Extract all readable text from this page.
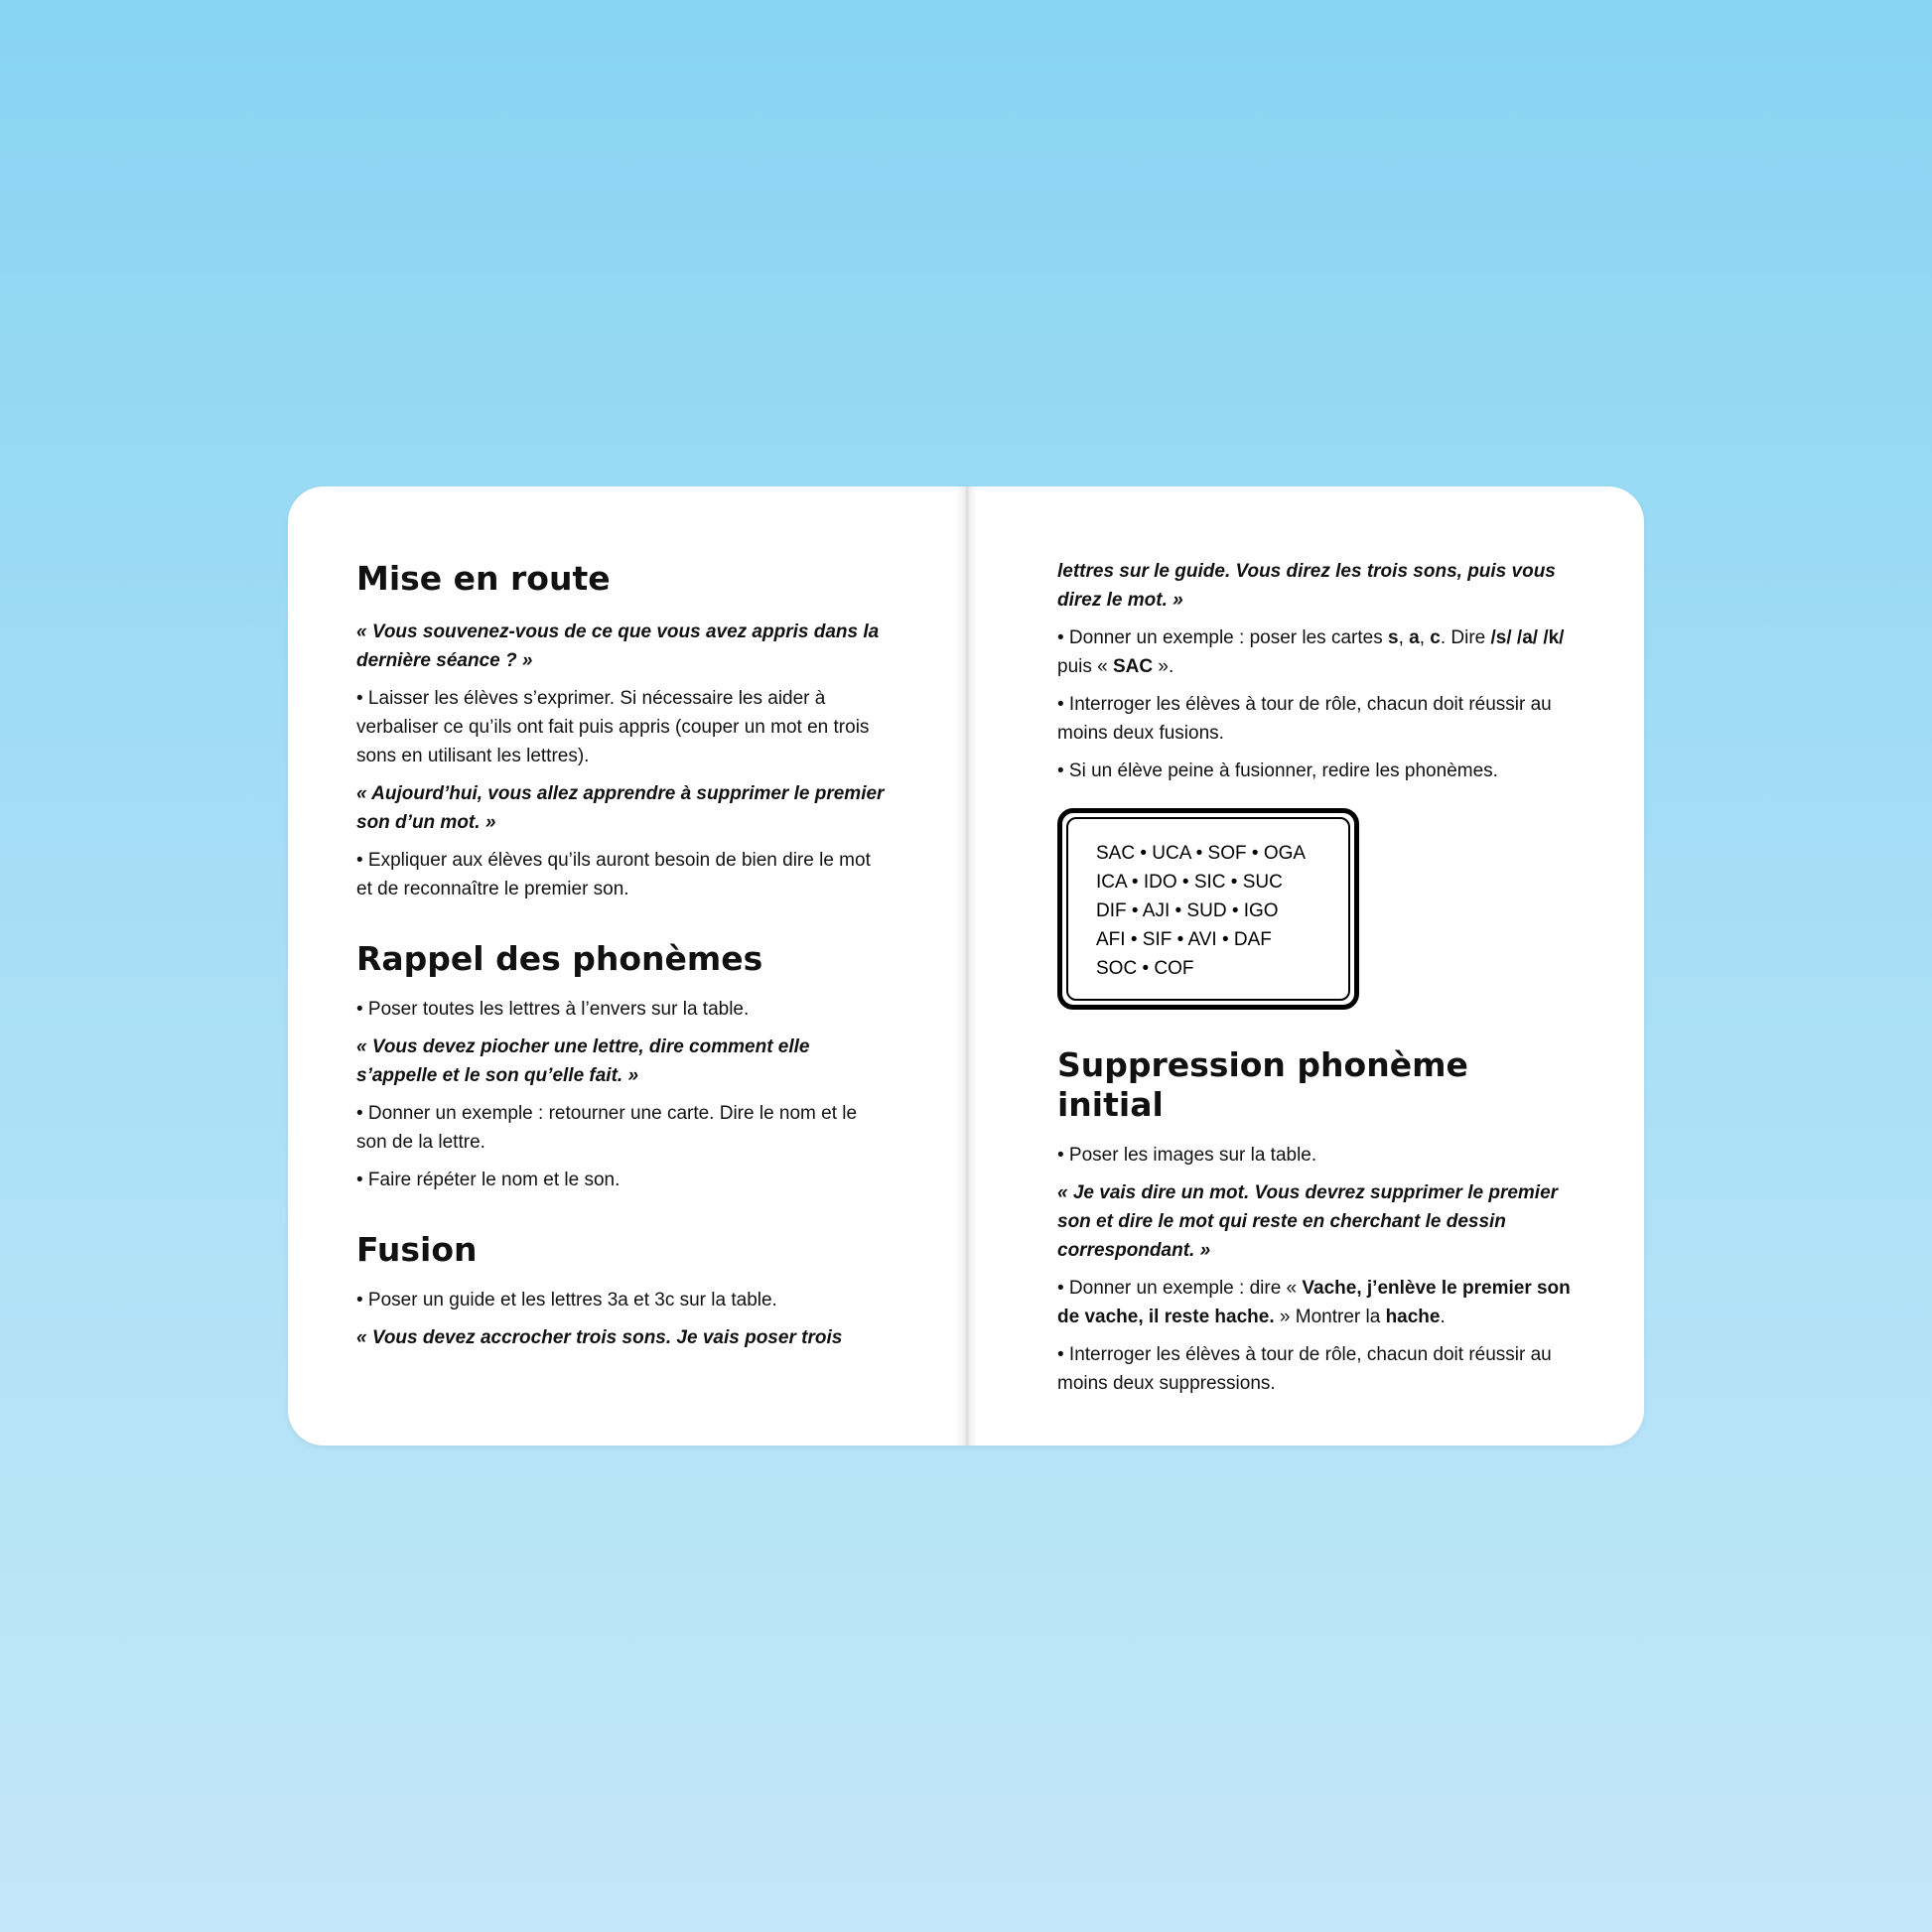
Mise en route

« Vous souvenez-vous de ce que vous avez appris dans la dernière séance ? »

• Laisser les élèves s’exprimer. Si nécessaire les aider à verbaliser ce qu’ils ont fait puis appris (couper un mot en trois sons en utilisant les lettres).

« Aujourd’hui, vous allez apprendre à supprimer le premier son d’un mot. »

• Expliquer aux élèves qu’ils auront besoin de bien dire le mot et de reconnaître le premier son.

Rappel des phonèmes

• Poser toutes les lettres à l’envers sur la table.

« Vous devez piocher une lettre, dire comment elle s’appelle et le son qu’elle fait. »

• Donner un exemple : retourner une carte. Dire le nom et le son de la lettre.

• Faire répéter le nom et le son.

Fusion

• Poser un guide et les lettres 3a et 3c sur la table.

« Vous devez accrocher trois sons. Je vais poser trois

lettres sur le guide. Vous direz les trois sons, puis vous direz le mot. »

• Donner un exemple : poser les cartes s, a, c. Dire /s/ /a/ /k/ puis « SAC ».

• Interroger les élèves à tour de rôle, chacun doit réussir au moins deux fusions.

• Si un élève peine à fusionner, redire les phonèmes.

SAC • UCA • SOF • OGA
ICA • IDO • SIC • SUC
DIF • AJI • SUD • IGO
AFI • SIF • AVI • DAF
SOC • COF
Suppression phonème initial

• Poser les images sur la table.

« Je vais dire un mot. Vous devrez supprimer le premier son et dire le mot qui reste en cherchant le dessin correspondant. »

• Donner un exemple : dire « Vache, j’enlève le premier son de vache, il reste hache. » Montrer la hache.

• Interroger les élèves à tour de rôle, chacun doit réussir au moins deux suppressions.
